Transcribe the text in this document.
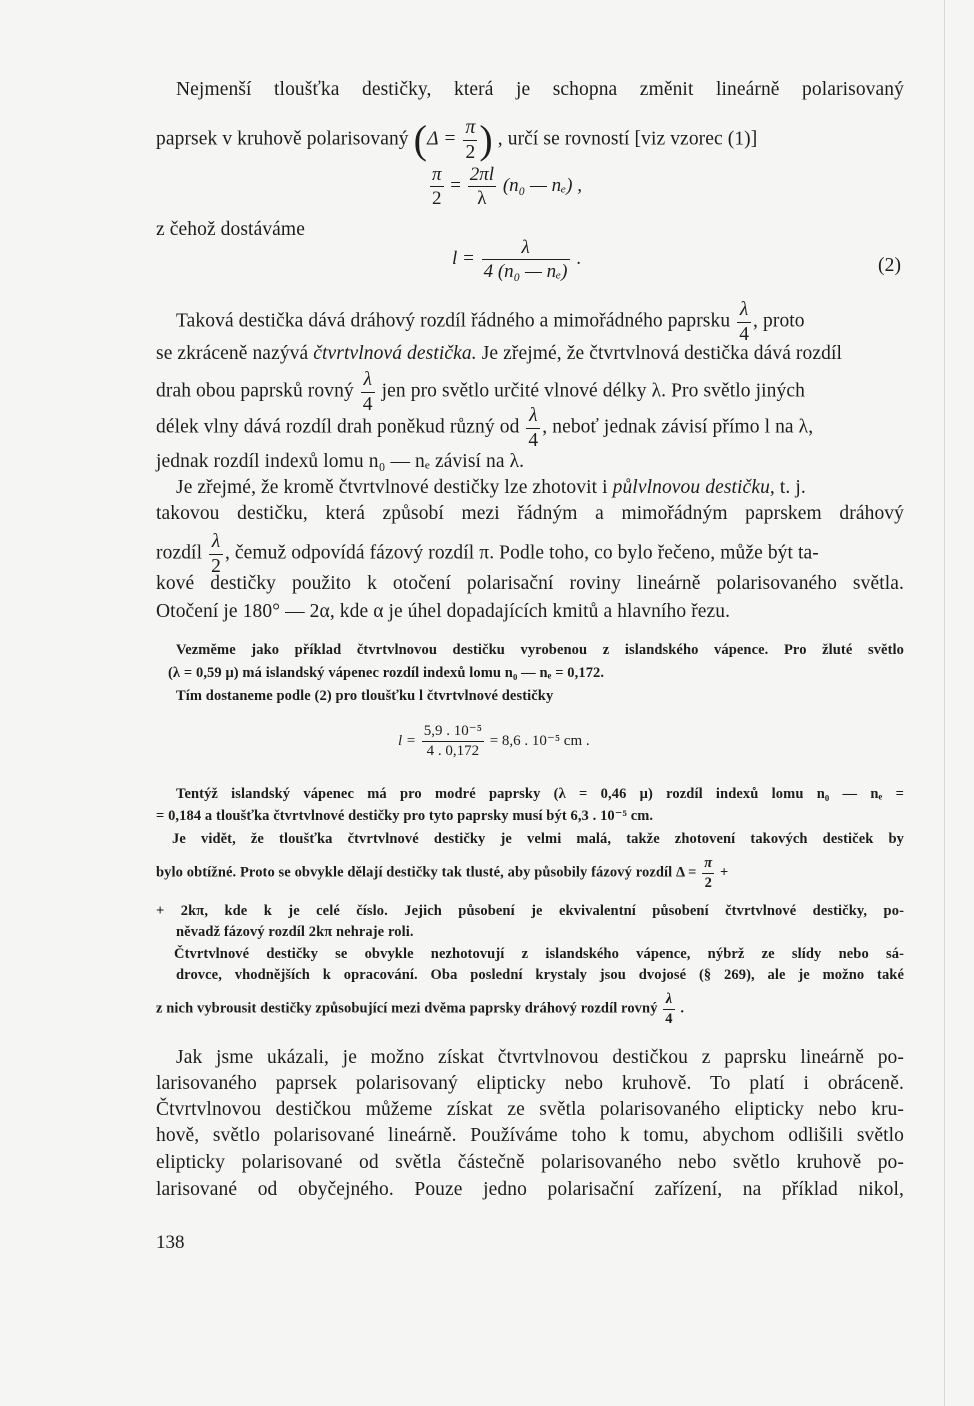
Nejmenší tloušťka destičky, která je schopna změnit lineárně polarisovaný
paprsek v kruhově polarisovaný ($\Delta = \frac{\pi}{2}$ ) , určí se rovností [viz vzorec (1)]
$\frac{\pi}{2} = \frac{2\pi l}{\lambda} (n_0$ — nₑ) ,
z čehož dostáváme
$l = \frac{\lambda}{\text{4 (n₀ — nₑ)}}$ .	(2)
Taková destička dává dráhový rozdíl řádného a mimořádného paprsku $\frac{\lambda}{4}$ , proto
se zkráceně nazývá čtvrtvlnová destička. Je zřejmé, že čtvrtvlnová destička dává rozdíl
drah obou paprsků rovný $\frac{\lambda}{4}$ jen pro světlo určité vlnové délky λ. Pro světlo jiných
délek vlny dává rozdíl drah poněkud různý od $\frac{\lambda}{4}$ , neboť jednak závisí přímo l na λ,
jednak rozdíl indexů lomu n₀ — nₑ závisí na λ.
Je zřejmé, že kromě čtvrtvlnové destičky lze zhotovit i půlvlnovou destičku, t. j.
takovou destičku, která způsobí mezi řádným a mimořádným paprskem dráhový
rozdíl $\frac{\lambda}{2}$ , čemuž odpovídá fázový rozdíl π. Podle toho, co bylo řečeno, může být ta-
kové destičky použito k otočení polarisační roviny lineárně polarisovaného světla.
Otočení je 180° — 2α, kde α je úhel dopadajících kmitů a hlavního řezu.
Vezměme jako příklad čtvrtvlnovou destičku vyrobenou z islandského vápence. Pro žluté světlo
(λ = 0,59 μ) má islandský vápenec rozdíl indexů lomu n₀ — nₑ = 0,172.
Tím dostaneme podle (2) pro tloušťku l čtvrtvlnové destičky
$l = \frac{\text{5,9 . 10⁻⁵}}{4 . 0,172} = 8,6$ . 10⁻⁵ cm .
Tentýž islandský vápenec má pro modré paprsky (λ = 0,46 μ) rozdíl indexů lomu n₀ — nₑ =
= 0,184 a tloušťka čtvrtvlnové destičky pro tyto paprsky musí být 6,3 . 10⁻⁵ cm.
Je vidět, že tloušťka čtvrtvlnové destičky je velmi malá, takže zhotovení takových destiček by
bylo obtížné. Proto se obvykle dělají destičky tak tlusté, aby působily fázový rozdíl $\Delta = \frac{\pi}{2}$ +
+ 2kπ, kde k je celé číslo. Jejich působení je ekvivalentní působení čtvrtvlnové destičky, po-
něvadž fázový rozdíl 2kπ nehraje roli.
Čtvrtvlnové destičky se obvykle nezhotovují z islandského vápence, nýbrž ze slídy nebo sá-
drovce, vhodnějších k opracování. Oba poslední krystaly jsou dvojosé (§ 269), ale je možno také
z nich vybrousit destičky způsobující mezi dvěma paprsky dráhový rozdíl rovný $\frac{\lambda}{4}$ .
Jak jsme ukázali, je možno získat čtvrtvlnovou destičkou z paprsku lineárně po-
larisovaného paprsek polarisovaný elipticky nebo kruhově. To platí i obráceně.
Čtvrtvlnovou destičkou můžeme získat ze světla polarisovaného elipticky nebo kru-
hově, světlo polarisované lineárně. Používáme toho k tomu, abychom odlišili světlo
elipticky polarisované od světla částečně polarisovaného nebo světlo kruhově po-
larisované od obyčejného. Pouze jedno polarisační zařízení, na příklad nikol,
138
